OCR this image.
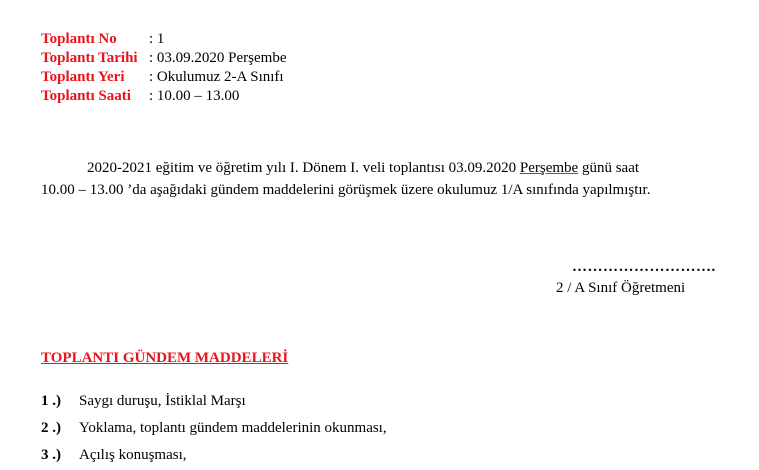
Toplantı No	: 1
Toplantı Tarihi : 03.09.2020 Perşembe
Toplantı Yeri	: Okulumuz 2-A Sınıfı
Toplantı Saati	: 10.00 – 13.00
2020-2021 eğitim ve öğretim yılı I. Dönem I. veli toplantısı 03.09.2020 Perşembe günü saat
10.00 – 13.00 ’da aşağıdaki gündem maddelerini görüşmek üzere okulumuz 1/A sınıfında yapılmıştır.
……………………….
2 / A Sınıf Öğretmeni
TOPLANTI GÜNDEM MADDELERİ
1 .)	Saygı duruşu, İstiklal Marşı
2 .)	Yoklama, toplantı gündem maddelerinin okunması,
3 .)	Açılış konuşması,
